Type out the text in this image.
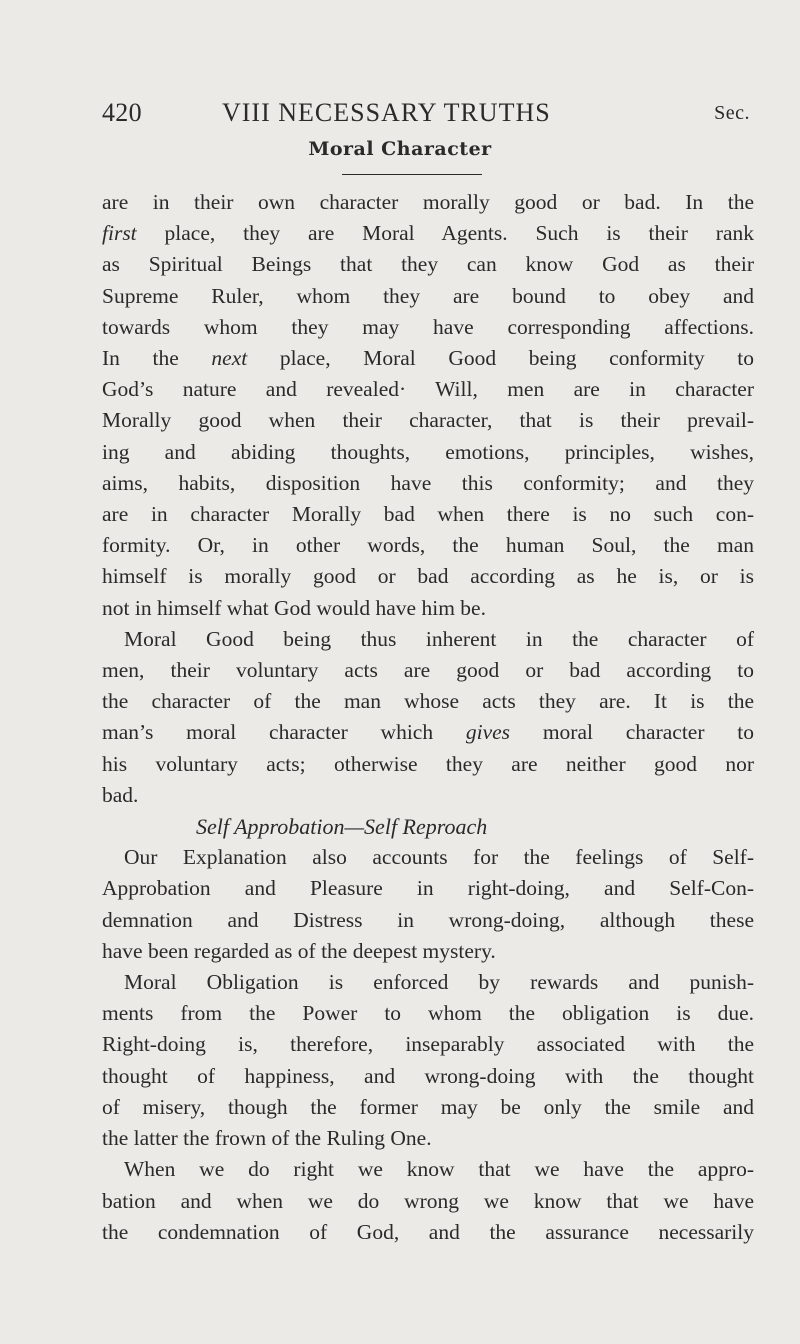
420	VIII NECESSARY TRUTHS	Sec.
Moral Character

are in their own character morally good or bad. In the
first place, they are Moral Agents. Such is their rank
as Spiritual Beings that they can know God as their
Supreme Ruler, whom they are bound to obey and
towards whom they may have corresponding affections.
In the next place, Moral Good being conformity to
God’s nature and revealed· Will, men are in character
Morally good when their character, that is their prevail-
ing and abiding thoughts, emotions, principles, wishes,
aims, habits, disposition have this conformity; and they
are in character Morally bad when there is no such con-
formity. Or, in other words, the human Soul, the man
himself is morally good or bad according as he is, or is
not in himself what God would have him be.

Moral Good being thus inherent in the character of
men, their voluntary acts are good or bad according to
the character of the man whose acts they are. It is the
man’s moral character which gives moral character to
his voluntary acts; otherwise they are neither good nor
bad.

Self Approbation—Self Reproach

Our Explanation also accounts for the feelings of Self-
Approbation and Pleasure in right-doing, and Self-Con-
demnation and Distress in wrong-doing, although these
have been regarded as of the deepest mystery.

Moral Obligation is enforced by rewards and punish-
ments from the Power to whom the obligation is due.
Right-doing is, therefore, inseparably associated with the
thought of happiness, and wrong-doing with the thought
of misery, though the former may be only the smile and
the latter the frown of the Ruling One.

When we do right we know that we have the appro-
bation and when we do wrong we know that we have
the condemnation of God, and the assurance necessarily
